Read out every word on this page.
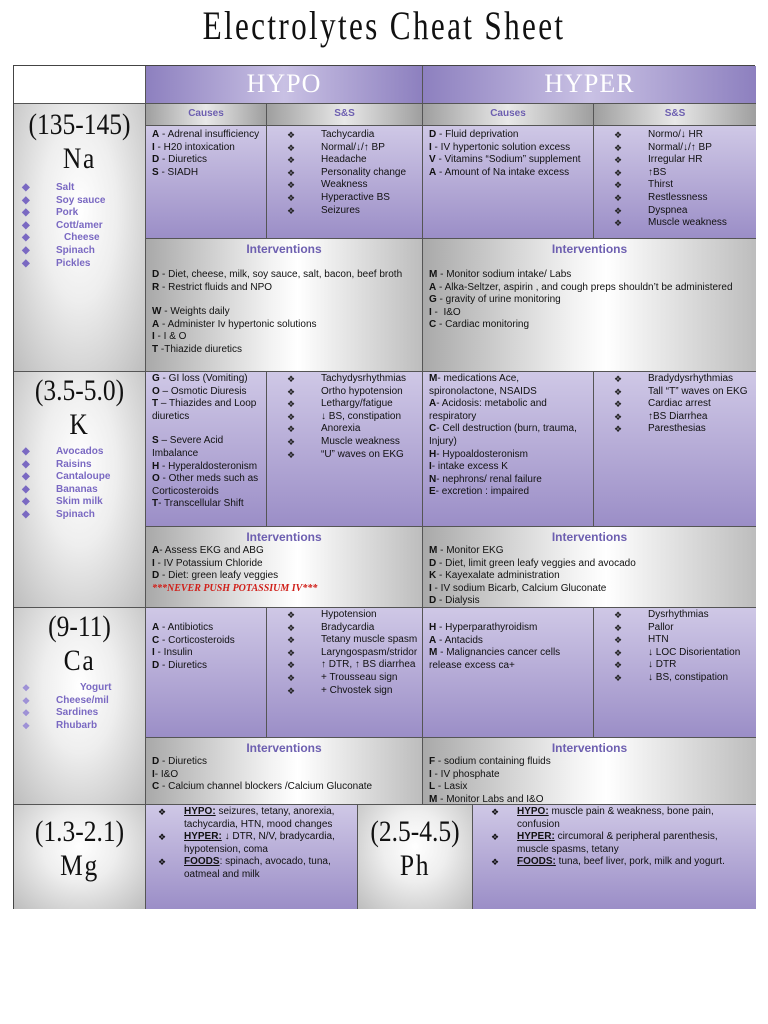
Electrolytes Cheat Sheet
HYPO	HYPER
(135-145)
Na
◆ Salt
◆ Soy sauce
◆ Pork
◆ Cott/amer
◆ Cheese
◆ Spinach
◆ Pickles
Causes	S&S	Causes	S&S
A - Adrenal insufficiency
I - H20 intoxication
D - Diuretics
S - SIADH
❖ Tachycardia
❖ Normal/↓/↑ BP
❖ Headache
❖ Personality change
❖ Weakness
❖ Hyperactive BS
❖ Seizures
D - Fluid deprivation
I - IV hypertonic solution excess
V - Vitamins “Sodium” supplement
A - Amount of Na intake excess
❖ Normo/↓ HR
❖ Normal/↓/↑ BP
❖ Irregular HR
❖ ↑BS
❖ Thirst
❖ Restlessness
❖ Dyspnea
❖ Muscle weakness
Interventions
D - Diet, cheese, milk, soy sauce, salt, bacon, beef broth
R - Restrict fluids and NPO
W - Weights daily
A - Administer Iv hypertonic solutions
I - I & O
T -Thiazide diuretics
Interventions
M - Monitor sodium intake/ Labs
A - Alka-Seltzer, aspirin , and cough preps shouldn’t be administered
G - gravity of urine monitoring
I -  I&O
C - Cardiac monitoring
(3.5-5.0)
K
◆ Avocados
◆ Raisins
◆ Cantaloupe
◆ Bananas
◆ Skim milk
◆ Spinach
G - GI loss (Vomiting)
O – Osmotic Diuresis
T – Thiazides and Loop diuretics
S – Severe Acid Imbalance
H - Hyperaldosteronism
O - Other meds such as Corticosteroids
T- Transcellular Shift
❖ Tachydysrhythmias
❖ Ortho hypotension
❖ Lethargy/fatigue
❖ ↓ BS, constipation
❖ Anorexia
❖ Muscle weakness
❖ “U” waves on EKG
M- medications Ace, spironolactone, NSAIDS
A- Acidosis: metabolic and respiratory
C- Cell destruction (burn, trauma, Injury)
H- Hypoaldosteronism
I- intake excess K
N- nephrons/ renal failure
E- excretion : impaired
❖ Bradydysrhythmias
❖ Tall “T” waves on EKG
❖ Cardiac arrest
❖ ↑BS Diarrhea
❖ Paresthesias
Interventions
A- Assess EKG and ABG
I - IV Potassium Chloride
D - Diet: green leafy veggies
***NEVER PUSH POTASSIUM IV***
Interventions
M - Monitor EKG
D - Diet, limit green leafy veggies and avocado
K - Kayexalate administration
I - IV sodium Bicarb, Calcium Gluconate
D - Dialysis
(9-11)
Ca
❖ Yogurt
❖ Cheese/mil
❖ Sardines
❖ Rhubarb
A - Antibiotics
C - Corticosteroids
I - Insulin
D - Diuretics
❖ Hypotension
❖ Bradycardia
❖ Tetany muscle spasm
❖ Laryngospasm/stridor
❖ ↑ DTR, ↑ BS diarrhea
❖ + Trousseau sign
❖ + Chvostek sign
H - Hyperparathyroidism
A - Antacids
M - Malignancies cancer cells release excess ca+
❖ Dysrhythmias
❖ Pallor
❖ HTN
❖ ↓ LOC Disorientation
❖ ↓ DTR
❖ ↓ BS, constipation
Interventions
D - Diuretics
I- I&O
C - Calcium channel blockers /Calcium Gluconate
Interventions
F - sodium containing fluids
I - IV phosphate
L - Lasix
M - Monitor Labs and I&O
(1.3-2.1)
Mg
❖ HYPO: seizures, tetany, anorexia, tachycardia, HTN, mood changes
❖ HYPER: ↓ DTR, N/V, bradycardia, hypotension, coma
❖ FOODS: spinach, avocado, tuna, oatmeal and milk
(2.5-4.5)
Ph
❖ HYPO: muscle pain & weakness, bone pain, confusion
❖ HYPER: circumoral & peripheral parenthesis, muscle spasms, tetany
❖ FOODS: tuna, beef liver, pork, milk and yogurt.
